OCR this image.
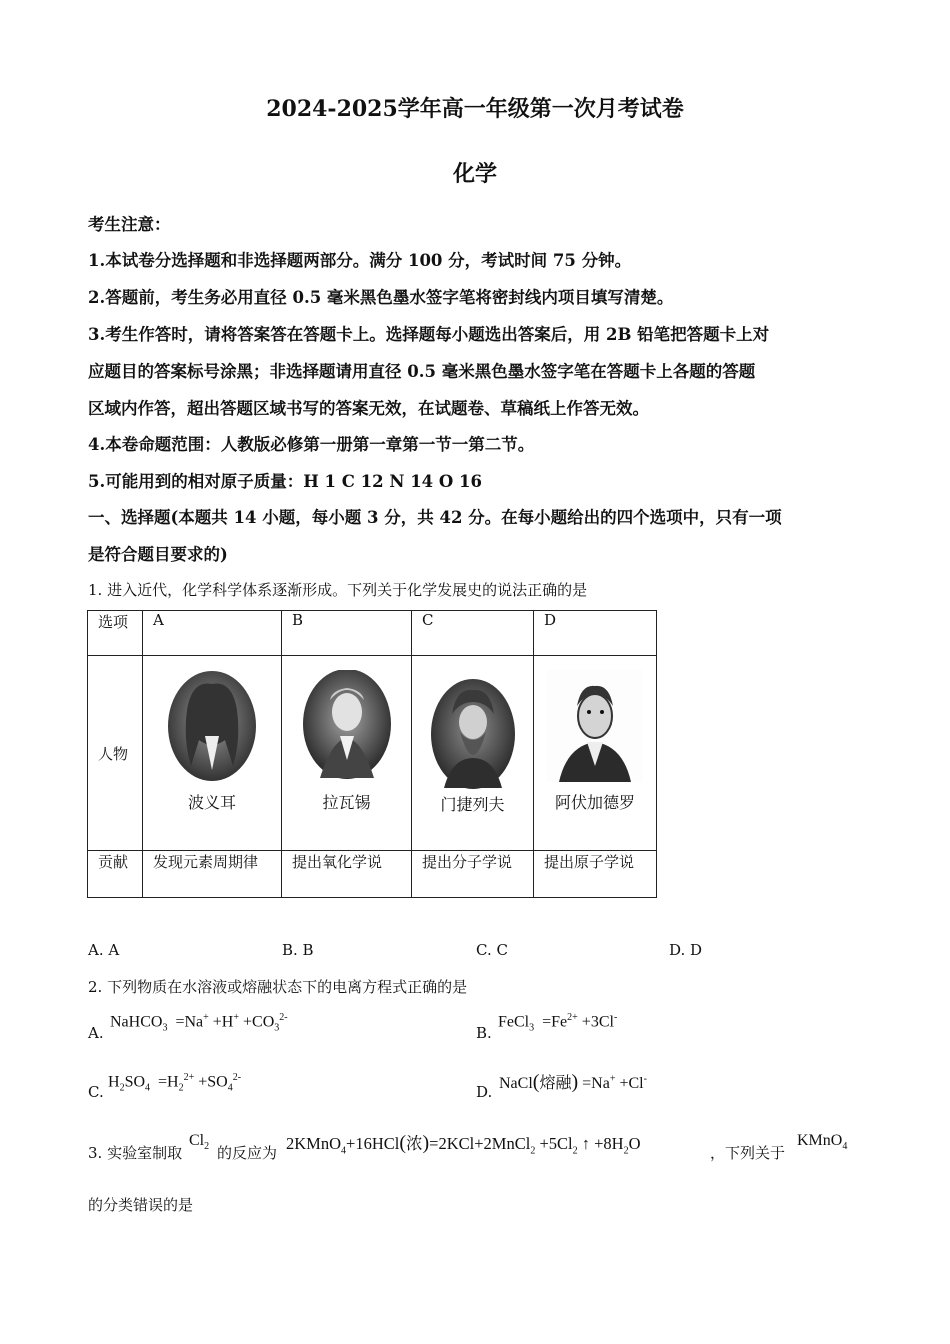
2024-2025学年高一年级第一次月考试卷
化学
考生注意：
1.本试卷分选择题和非选择题两部分。满分 100 分，考试时间 75 分钟。
2.答题前，考生务必用直径 0.5 毫米黑色墨水签字笔将密封线内项目填写清楚。
3.考生作答时，请将答案答在答题卡上。选择题每小题选出答案后，用 2B 铅笔把答题卡上对
应题目的答案标号涂黑；非选择题请用直径 0.5 毫米黑色墨水签字笔在答题卡上各题的答题
区域内作答，超出答题区域书写的答案无效，在试题卷、草稿纸上作答无效。
4.本卷命题范围：人教版必修第一册第一章第一节一第二节。
5.可能用到的相对原子质量：H 1 C 12 N 14 O 16
一、选择题(本题共 14 小题，每小题 3 分，共 42 分。在每小题给出的四个选项中，只有一项
是符合题目要求的)
1. 进入近代，化学科学体系逐渐形成。下列关于化学发展史的说法正确的是
选项	A	B	C	D
人物	波义耳	拉瓦锡	门捷列夫	阿伏加德罗

贡献	发现元素周期律	提出氧化学说	提出分子学说	提出原子学说
A. A	B. B	C. C	D. D
2. 下列物质在水溶液或熔融状态下的电离方程式正确的是
A.
NaHCO$_3$  $=Na^+ +H^+ +CO_3^{2-}$
B.
FeCl$_3$  $=Fe^{2+} +3Cl^-$
C.
$H_2SO_4 =H_2^{2+} +SO_4^{2-}$
D. NaCl(熔融) =Na+ +Cl-
3. 实验室制取
$Cl_2$ 的反应为 2KMnO$_4$+16HCl(浓)=2KCl+2MnCl$_2$ $+5Cl_2$ ↑ $+8H_2O$	，下列关于
KMnO$_4$
的分类错误的是
